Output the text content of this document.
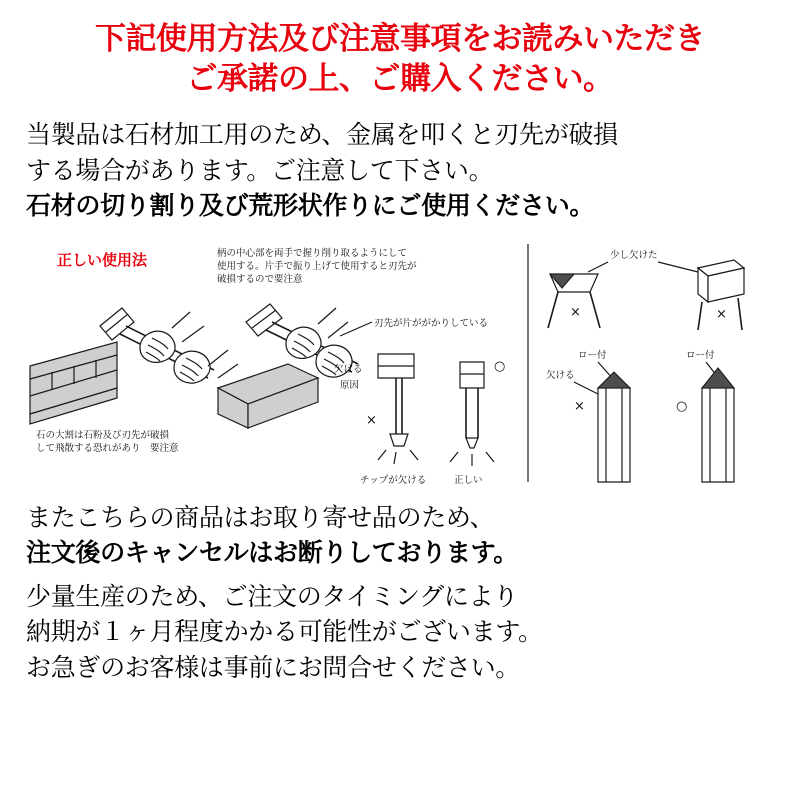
下記使用方法及び注意事項をお読みいただき
ご承諾の上、ご購入ください。
当製品は石材加工用のため、金属を叩くと刃先が破損
する場合があります。ご注意して下さい。
石材の切り割り及び荒形状作りにご使用ください。
正しい使用法	柄の中心部を両手で握り削り取るようにして
使用する。片手で振り上げて使用すると刃先が
破損するので要注意
石の大割は石粉及び刃先が破損
して飛散する恐れがあり　要注意
刃先が片ががかりしている
欠ける
原因
×
チップが欠ける
○
正しい
少し欠けた
×	×
ロー付	ロー付
欠ける
×	○
またこちらの商品はお取り寄せ品のため、
注文後のキャンセルはお断りしております。
少量生産のため、ご注文のタイミングにより
納期が１ヶ月程度かかる可能性がございます。
お急ぎのお客様は事前にお問合せください。
